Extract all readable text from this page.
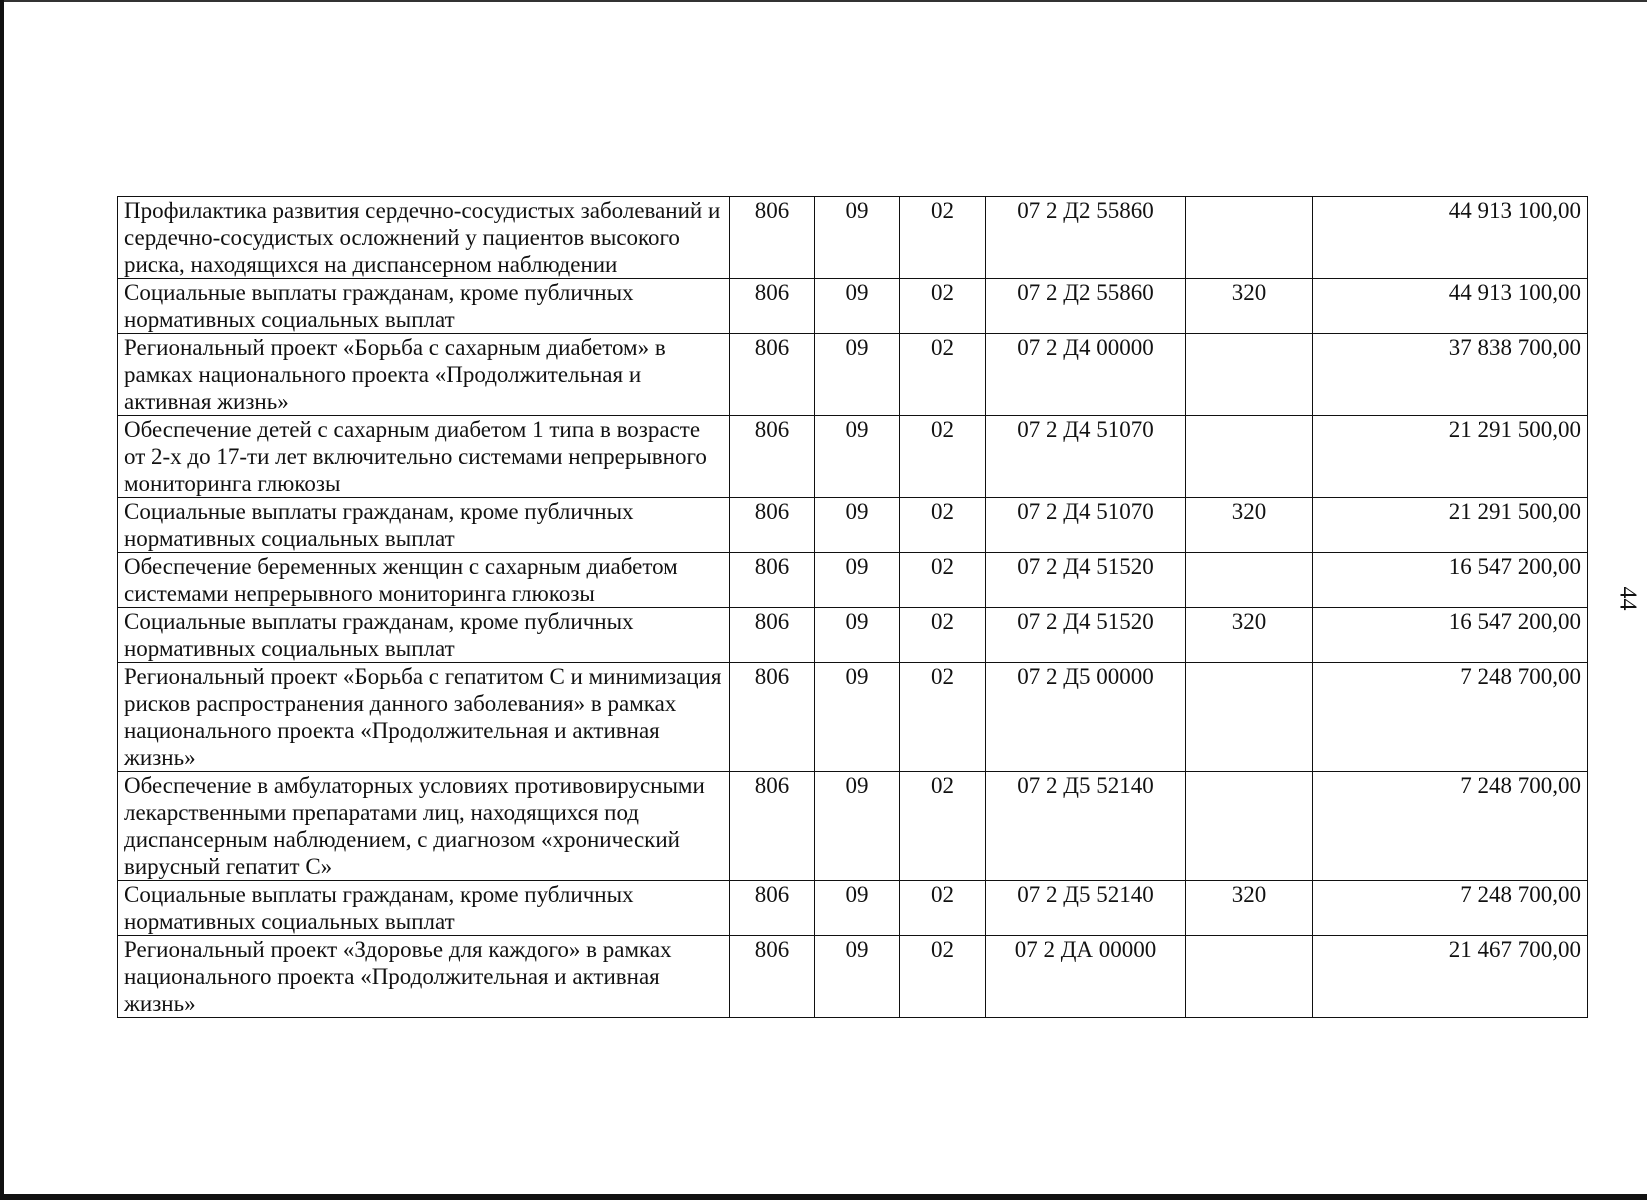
44
Профилактика развития сердечно-сосудистых заболеваний и сердечно-сосудистых осложнений у пациентов высокого риска, находящихся на диспансерном наблюдении	806	09	02	07 2 Д2 55860		44 913 100,00
Социальные выплаты гражданам, кроме публичных нормативных социальных выплат	806	09	02	07 2 Д2 55860	320	44 913 100,00
Региональный проект «Борьба с сахарным диабетом» в рамках национального проекта «Продолжительная и активная жизнь»	806	09	02	07 2 Д4 00000		37 838 700,00
Обеспечение детей с сахарным диабетом 1 типа в возрасте от 2-х до 17-ти лет включительно системами непрерывного мониторинга глюкозы	806	09	02	07 2 Д4 51070		21 291 500,00
Социальные выплаты гражданам, кроме публичных нормативных социальных выплат	806	09	02	07 2 Д4 51070	320	21 291 500,00
Обеспечение беременных женщин с сахарным диабетом системами непрерывного мониторинга глюкозы	806	09	02	07 2 Д4 51520		16 547 200,00
Социальные выплаты гражданам, кроме публичных нормативных социальных выплат	806	09	02	07 2 Д4 51520	320	16 547 200,00
Региональный проект «Борьба с гепатитом С и минимизация рисков распространения данного заболевания» в рамках национального проекта «Продолжительная и активная жизнь»	806	09	02	07 2 Д5 00000		7 248 700,00
Обеспечение в амбулаторных условиях противовирусными лекарственными препаратами лиц, находящихся под диспансерным наблюдением, с диагнозом «хронический вирусный гепатит С»	806	09	02	07 2 Д5 52140		7 248 700,00
Социальные выплаты гражданам, кроме публичных нормативных социальных выплат	806	09	02	07 2 Д5 52140	320	7 248 700,00
Региональный проект «Здоровье для каждого» в рамках национального проекта «Продолжительная и активная жизнь»	806	09	02	07 2 ДА 00000		21 467 700,00
